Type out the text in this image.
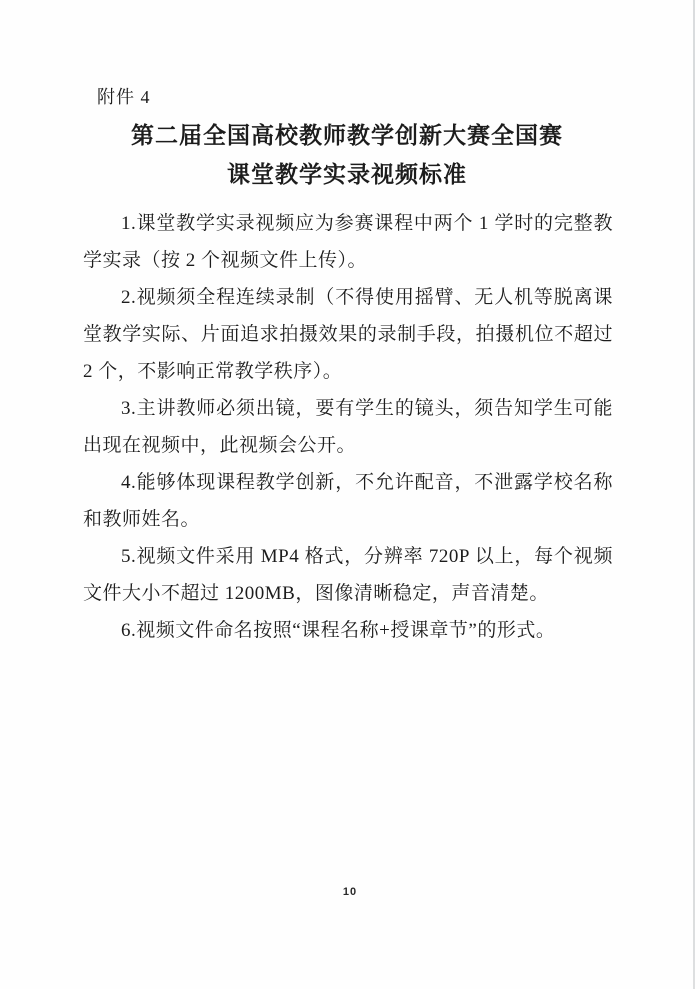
附件 4
第二届全国高校教师教学创新大赛全国赛
课堂教学实录视频标准

1.课堂教学实录视频应为参赛课程中两个 1 学时的完整教学实录（按 2 个视频文件上传）。

2.视频须全程连续录制（不得使用摇臂、无人机等脱离课堂教学实际、片面追求拍摄效果的录制手段，拍摄机位不超过 2 个，不影响正常教学秩序）。

3.主讲教师必须出镜，要有学生的镜头，须告知学生可能出现在视频中，此视频会公开。

4.能够体现课程教学创新，不允许配音，不泄露学校名称和教师姓名。

5.视频文件采用 MP4 格式，分辨率 720P 以上，每个视频文件大小不超过 1200MB，图像清晰稳定，声音清楚。

6.视频文件命名按照“课程名称+授课章节”的形式。

10
